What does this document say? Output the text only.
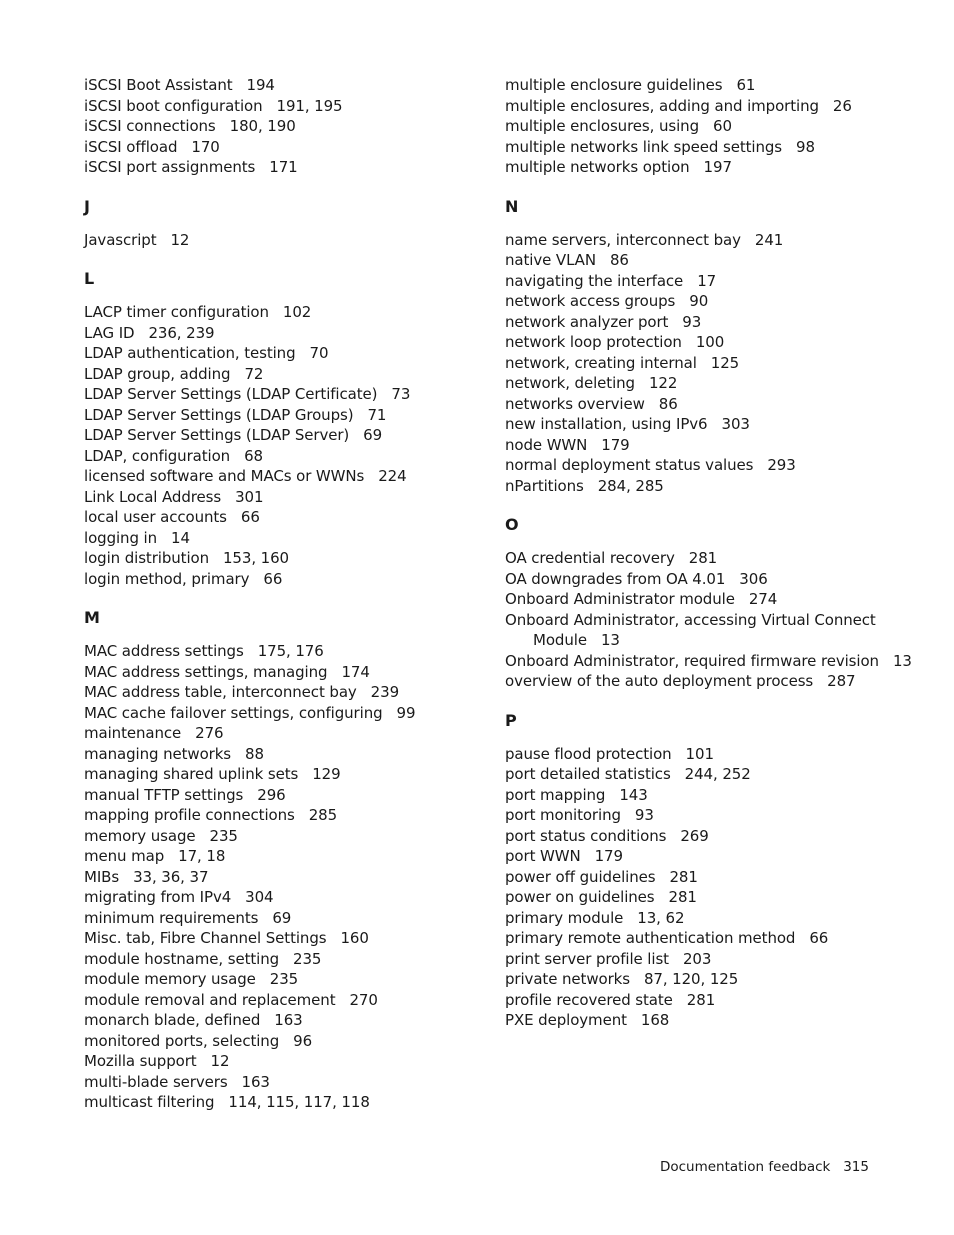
iSCSI Boot Assistant   194
iSCSI boot configuration   191, 195
iSCSI connections   180, 190
iSCSI offload   170
iSCSI port assignments   171
J
Javascript   12
L
LACP timer configuration   102
LAG ID   236, 239
LDAP authentication, testing   70
LDAP group, adding   72
LDAP Server Settings (LDAP Certificate)   73
LDAP Server Settings (LDAP Groups)   71
LDAP Server Settings (LDAP Server)   69
LDAP, configuration   68
licensed software and MACs or WWNs   224
Link Local Address   301
local user accounts   66
logging in   14
login distribution   153, 160
login method, primary   66
M
MAC address settings   175, 176
MAC address settings, managing   174
MAC address table, interconnect bay   239
MAC cache failover settings, configuring   99
maintenance   276
managing networks   88
managing shared uplink sets   129
manual TFTP settings   296
mapping profile connections   285
memory usage   235
menu map   17, 18
MIBs   33, 36, 37
migrating from IPv4   304
minimum requirements   69
Misc. tab, Fibre Channel Settings   160
module hostname, setting   235
module memory usage   235
module removal and replacement   270
monarch blade, defined   163
monitored ports, selecting   96
Mozilla support   12
multi-blade servers   163
multicast filtering   114, 115, 117, 118
multiple enclosure guidelines   61
multiple enclosures, adding and importing   26
multiple enclosures, using   60
multiple networks link speed settings   98
multiple networks option   197
N
name servers, interconnect bay   241
native VLAN   86
navigating the interface   17
network access groups   90
network analyzer port   93
network loop protection   100
network, creating internal   125
network, deleting   122
networks overview   86
new installation, using IPv6   303
node WWN   179
normal deployment status values   293
nPartitions   284, 285
O
OA credential recovery   281
OA downgrades from OA 4.01   306
Onboard Administrator module   274
Onboard Administrator, accessing Virtual Connect Module   13
Onboard Administrator, required firmware revision   13
overview of the auto deployment process   287
P
pause flood protection   101
port detailed statistics   244, 252
port mapping   143
port monitoring   93
port status conditions   269
port WWN   179
power off guidelines   281
power on guidelines   281
primary module   13, 62
primary remote authentication method   66
print server profile list   203
private networks   87, 120, 125
profile recovered state   281
PXE deployment   168
Documentation feedback 315
